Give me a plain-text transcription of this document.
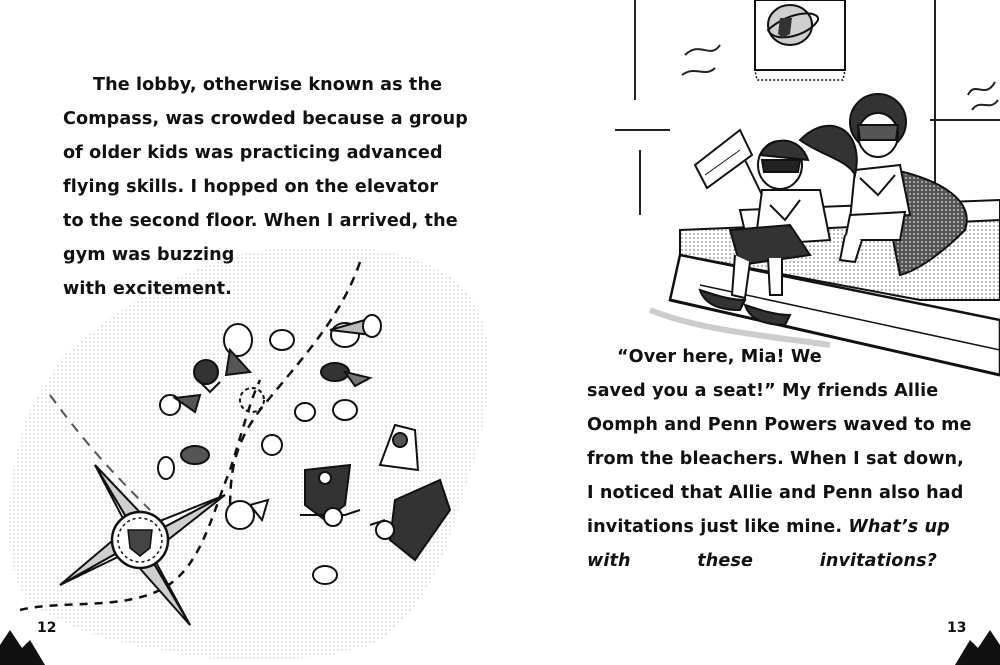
The lobby, otherwise known as the
Compass, was crowded because a group
of older kids was practicing advanced
flying skills. I hopped on the elevator
to the second floor. When I arrived, the
gym was buzzing
with excitement.
12
“Over here, Mia! We
saved you a seat!” My friends Allie
Oomph and Penn Powers waved to me
from the bleachers. When I sat down,
I noticed that Allie and Penn also had
invitations just like mine. What’s up
with these invitations?
13
